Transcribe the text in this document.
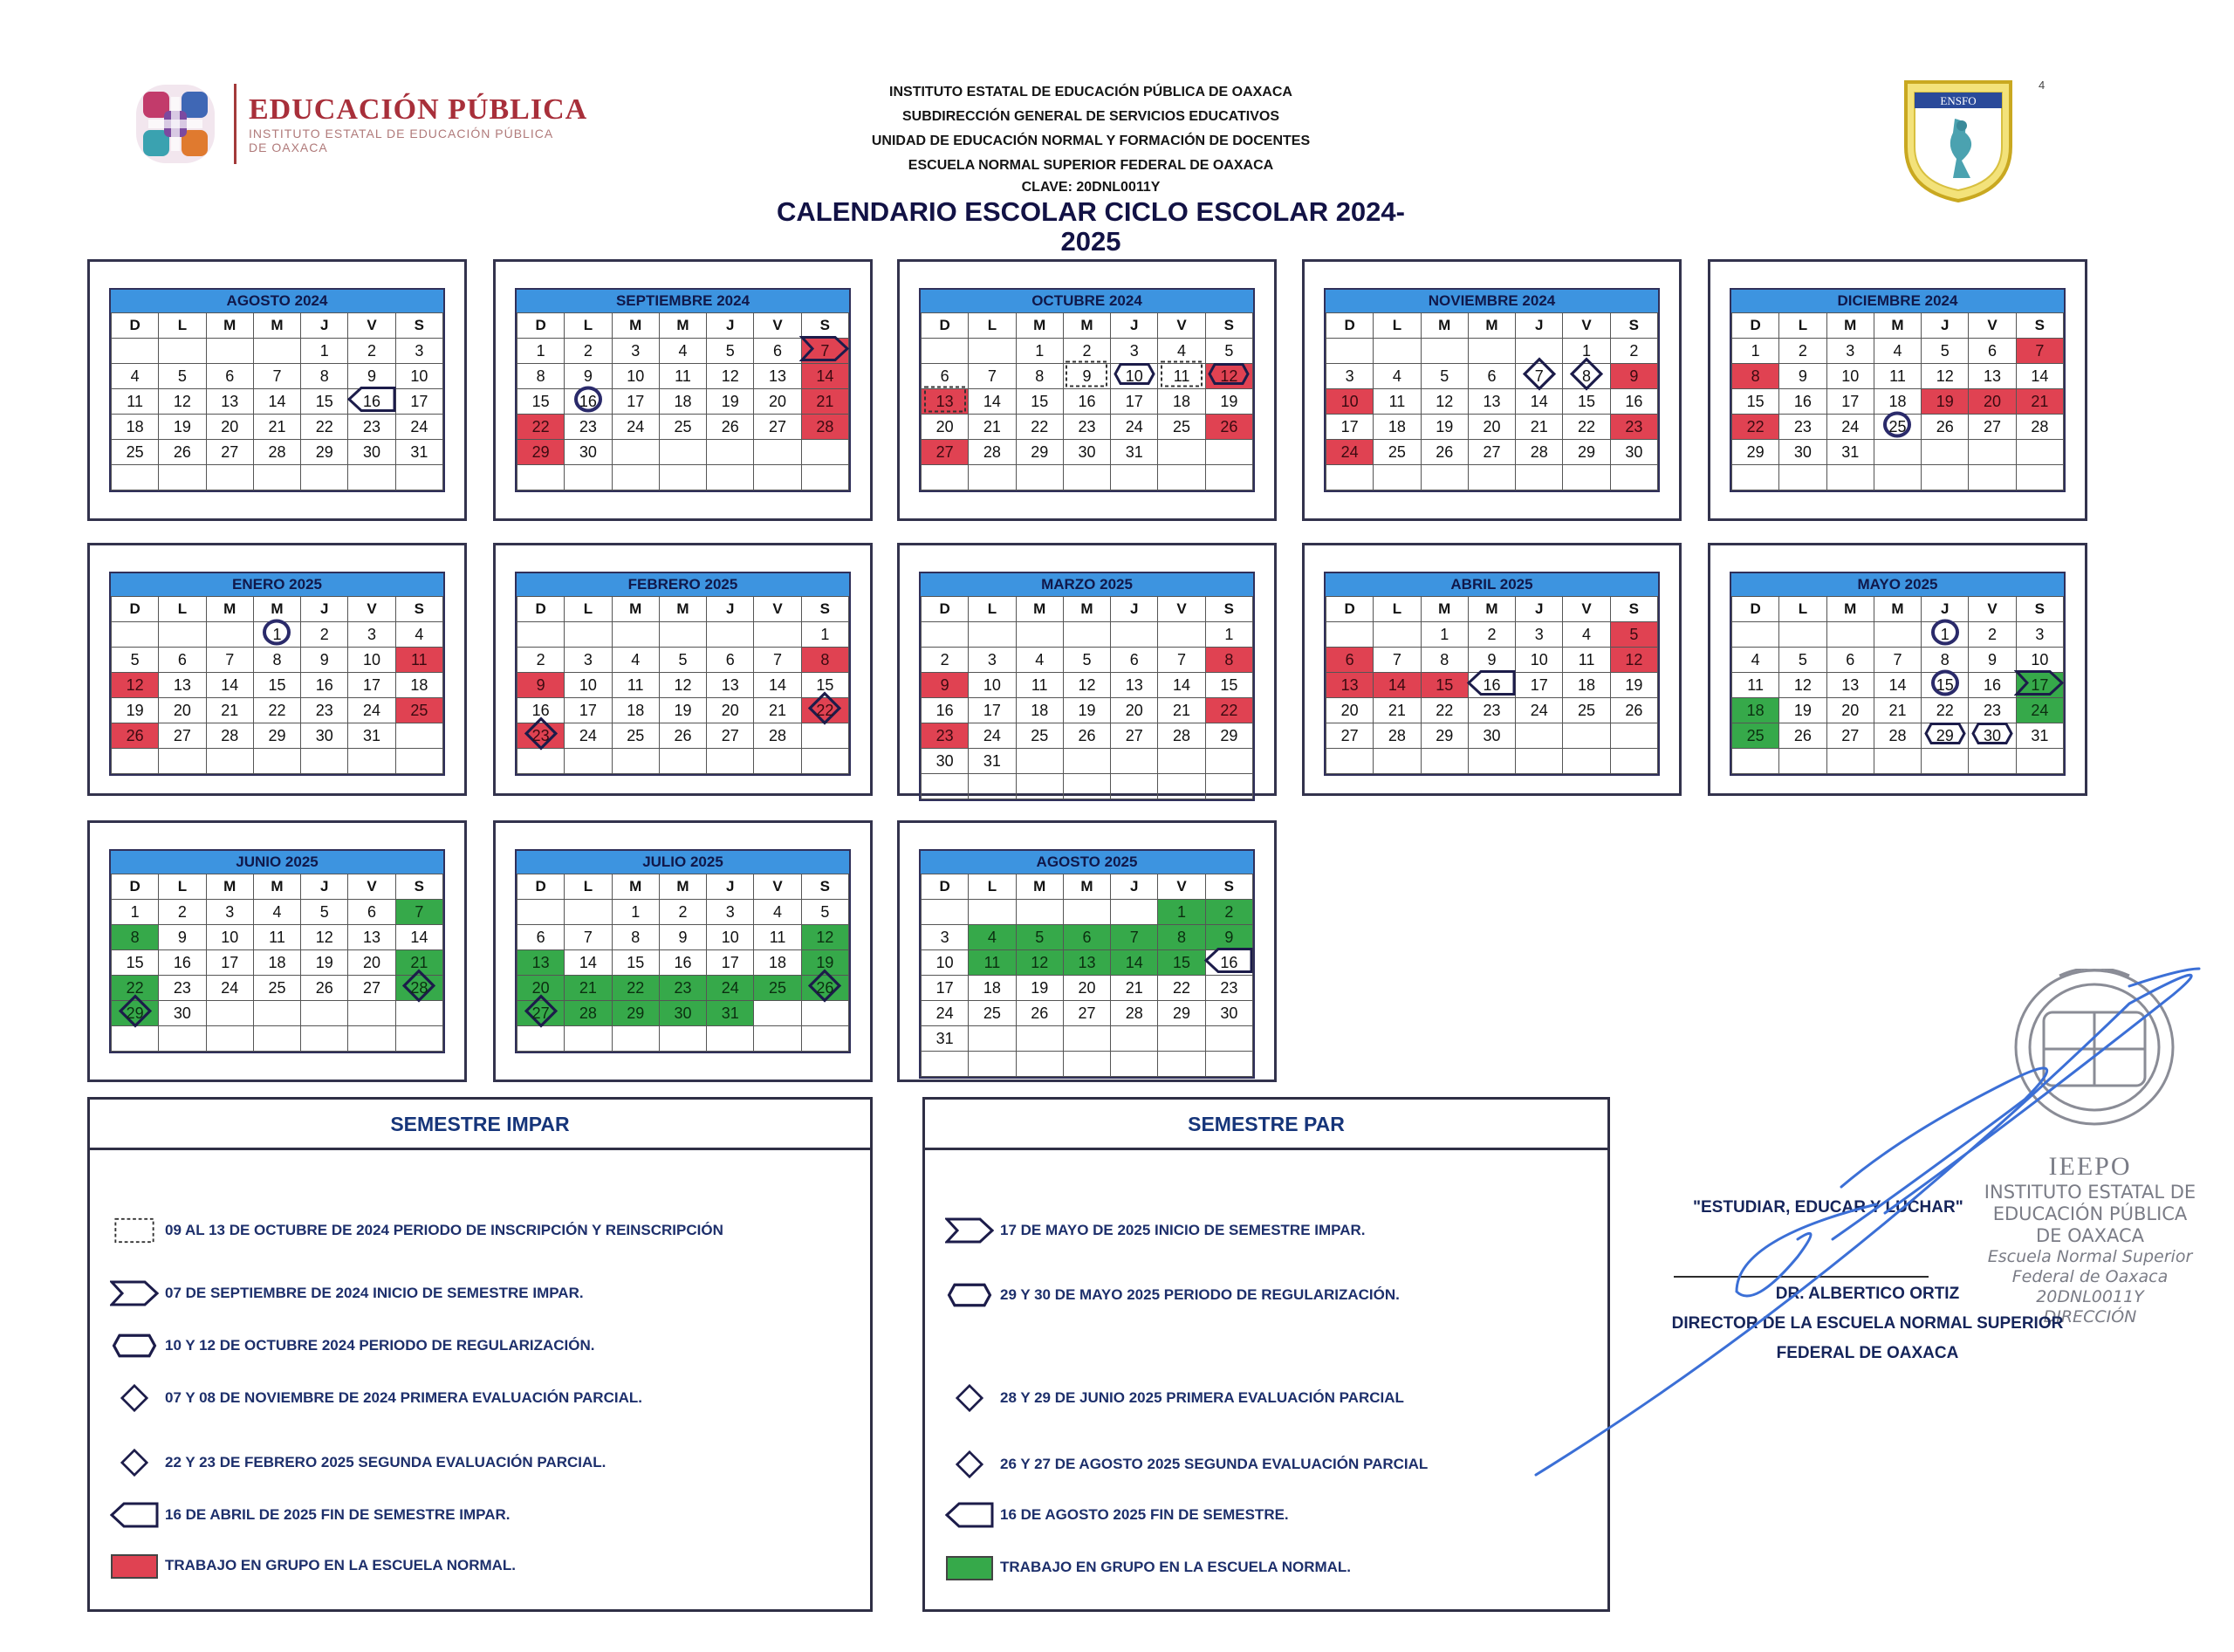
EDUCACIÓN PÚBLICA
INSTITUTO ESTATAL DE EDUCACIÓN PÚBLICA
DE OAXACA
INSTITUTO ESTATAL DE EDUCACIÓN PÚBLICA DE OAXACA
SUBDIRECCIÓN GENERAL DE SERVICIOS EDUCATIVOS
UNIDAD DE EDUCACIÓN NORMAL Y FORMACIÓN DE DOCENTES
ESCUELA NORMAL SUPERIOR FEDERAL DE OAXACA
CLAVE: 20DNL0011Y
CALENDARIO ESCOLAR CICLO ESCOLAR 2024-2025
ENSFO
4
AGOSTO 2024
D	L	M	M	J	V	S
				1	2	3
4	5	6	7	8	9	10
11	12	13	14	15	16	17
18	19	20	21	22	23	24
25	26	27	28	29	30	31

SEPTIEMBRE 2024
D	L	M	M	J	V	S
1	2	3	4	5	6	7

8	9	10	11	12	13	14
15	16	17	18	19	20	21
22	23	24	25	26	27	28
29	30					

OCTUBRE 2024
D	L	M	M	J	V	S
		1	2	3	4	5
6	7	8	9	10	11	12

13	14	15	16	17	18	19
20	21	22	23	24	25	26
27	28	29	30	31		

NOVIEMBRE 2024
D	L	M	M	J	V	S
					1	2
3	4	5	6	7	8	9
10	11	12	13	14	15	16
17	18	19	20	21	22	23
24	25	26	27	28	29	30

DICIEMBRE 2024
D	L	M	M	J	V	S
1	2	3	4	5	6	7
8	9	10	11	12	13	14
15	16	17	18	19	20	21
22	23	24	25	26	27	28
29	30	31				

ENERO 2025
D	L	M	M	J	V	S
			1	2	3	4
5	6	7	8	9	10	11
12	13	14	15	16	17	18
19	20	21	22	23	24	25
26	27	28	29	30	31	

FEBRERO 2025
D	L	M	M	J	V	S
						1
2	3	4	5	6	7	8
9	10	11	12	13	14	15
16	17	18	19	20	21	22

23	24	25	26	27	28	

MARZO 2025
D	L	M	M	J	V	S
						1
2	3	4	5	6	7	8
9	10	11	12	13	14	15
16	17	18	19	20	21	22
23	24	25	26	27	28	29
30	31					

ABRIL 2025
D	L	M	M	J	V	S
		1	2	3	4	5
6	7	8	9	10	11	12
13	14	15	16	17	18	19
20	21	22	23	24	25	26
27	28	29	30			

MAYO 2025
D	L	M	M	J	V	S
				1	2	3
4	5	6	7	8	9	10
11	12	13	14	15	16	17

18	19	20	21	22	23	24
25	26	27	28	29	30	31

JUNIO 2025
D	L	M	M	J	V	S
1	2	3	4	5	6	7
8	9	10	11	12	13	14
15	16	17	18	19	20	21
22	23	24	25	26	27	28

29	30					

JULIO 2025
D	L	M	M	J	V	S
		1	2	3	4	5
6	7	8	9	10	11	12
13	14	15	16	17	18	19
20	21	22	23	24	25	26

27	28	29	30	31		

AGOSTO 2025
D	L	M	M	J	V	S
					1	2
3	4	5	6	7	8	9
10	11	12	13	14	15	16

17	18	19	20	21	22	23
24	25	26	27	28	29	30
31						

SEMESTRE IMPAR
09 AL 13 DE OCTUBRE DE 2024 PERIODO DE INSCRIPCIÓN Y REINSCRIPCIÓN
07 DE SEPTIEMBRE DE 2024 INICIO DE SEMESTRE IMPAR.
10 Y 12 DE OCTUBRE 2024 PERIODO DE REGULARIZACIÓN.
07 Y 08 DE NOVIEMBRE DE 2024 PRIMERA EVALUACIÓN PARCIAL.
22 Y 23 DE FEBRERO 2025 SEGUNDA EVALUACIÓN PARCIAL.
16 DE ABRIL DE 2025 FIN DE SEMESTRE IMPAR.
TRABAJO EN GRUPO EN LA ESCUELA NORMAL.
SEMESTRE PAR
17 DE MAYO DE 2025 INICIO DE SEMESTRE IMPAR.
29 Y 30 DE MAYO 2025 PERIODO DE REGULARIZACIÓN.
28 Y 29 DE JUNIO 2025 PRIMERA EVALUACIÓN PARCIAL
26 Y 27 DE AGOSTO 2025 SEGUNDA EVALUACIÓN PARCIAL
16 DE AGOSTO 2025 FIN DE SEMESTRE.
TRABAJO EN GRUPO EN LA ESCUELA NORMAL.
IEEPO
INSTITUTO ESTATAL DE
EDUCACIÓN PÚBLICA
DE OAXACA
Escuela Normal Superior
Federal de Oaxaca
20DNL0011Y
DIRECCIÓN
"ESTUDIAR, EDUCAR Y LUCHAR"
DR. ALBERTICO ORTIZ
DIRECTOR DE LA ESCUELA NORMAL SUPERIOR
FEDERAL DE OAXACA
